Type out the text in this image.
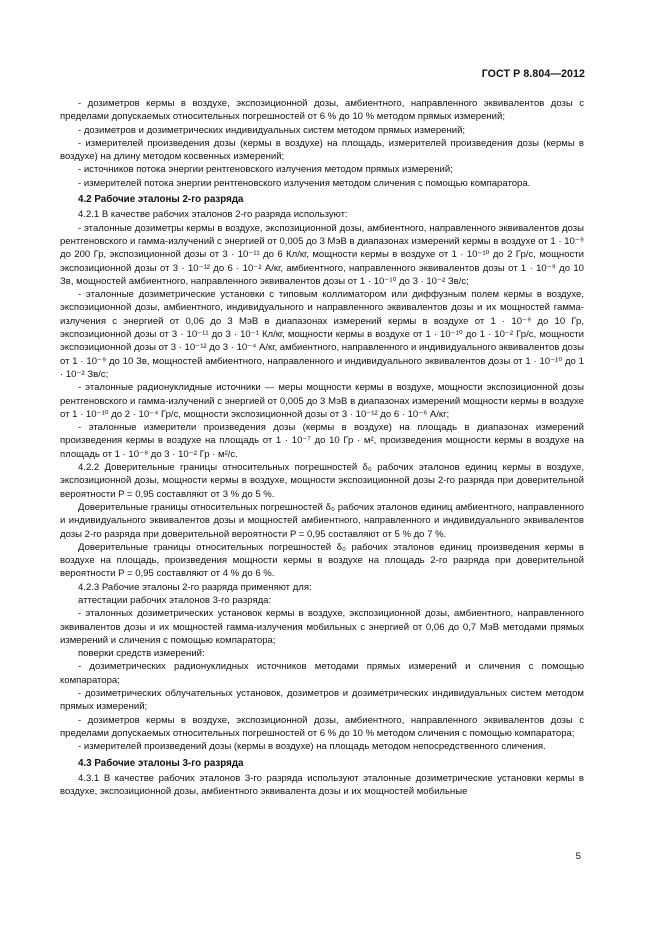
ГОСТ Р 8.804—2012

- дозиметров кермы в воздухе, экспозиционной дозы, амбиентного, направленного эквивалентов дозы с пределами допускаемых относительных погрешностей от 6 % до 10 % методом прямых измерений;

- дозиметров и дозиметрических индивидуальных систем методом прямых измерений;

- измерителей произведения дозы (кермы в воздухе) на площадь, измерителей произведения дозы (кермы в воздухе) на длину методом косвенных измерений;

- источников потока энергии рентгеновского излучения методом прямых измерений;

- измерителей потока энергии рентгеновского излучения методом сличения с помощью компаратора.

4.2 Рабочие эталоны 2-го разряда

4.2.1 В качестве рабочих эталонов 2-го разряда используют:

- эталонные дозиметры кермы в воздухе, экспозиционной дозы, амбиентного, направленного эквивалентов дозы рентгеновского и гамма-излучений с энергией от 0,005 до 3 МэВ в диапазонах измерений кермы в воздухе от 1 · 10⁻⁹ до 200 Гр, экспозиционной дозы от 3 · 10⁻¹¹ до 6 Кл/кг, мощности кермы в воздухе от 1 · 10⁻¹⁰ до 2 Гр/с, мощности экспозиционной дозы от 3 · 10⁻¹² до 6 · 10⁻² А/кг, амбиентного, направленного эквивалентов дозы от 1 · 10⁻⁹ до 10 Зв, мощностей амбиентного, направленного эквивалентов дозы от 1 · 10⁻¹⁰ до 3 · 10⁻² Зв/с;

- эталонные дозиметрические установки с типовым коллиматором или диффузным полем кермы в воздухе, экспозиционной дозы, амбиентного, индивидуального и направленного эквивалентов дозы и их мощностей гамма-излучения с энергией от 0,06 до 3 МэВ в диапазонах измерений кермы в воздухе от 1 · 10⁻⁹ до 10 Гр, экспозиционной дозы от 3 · 10⁻¹¹ до 3 · 10⁻¹ Кл/кг, мощности кермы в воздухе от 1 · 10⁻¹⁰ до 1 · 10⁻² Гр/с, мощности экспозиционной дозы от 3 · 10⁻¹² до 3 · 10⁻⁴ А/кг, амбиентного, направленного и индивидуального эквивалентов дозы от 1 · 10⁻⁹ до 10 Зв, мощностей амбиентного, направленного и индивидуального эквивалентов дозы от 1 · 10⁻¹⁰ до 1 · 10⁻² Зв/с;

- эталонные радионуклидные источники — меры мощности кермы в воздухе, мощности экспозиционной дозы рентгеновского и гамма-излучений с энергией от 0,005 до 3 МэВ в диапазонах измерений мощности кермы в воздухе от 1 · 10⁻¹⁰ до 2 · 10⁻⁴ Гр/с, мощности экспозиционной дозы от 3 · 10⁻¹² до 6 · 10⁻⁶ А/кг;

- эталонные измерители произведения дозы (кермы в воздухе) на площадь в диапазонах измерений произведения кермы в воздухе на площадь от 1 · 10⁻⁷ до 10 Гр · м², произведения мощности кермы в воздухе на площадь от 1 · 10⁻⁸ до 3 · 10⁻² Гр · м²/с.

4.2.2 Доверительные границы относительных погрешностей δ₀ рабочих эталонов единиц кермы в воздухе, экспозиционной дозы, мощности кермы в воздухе, мощности экспозиционной дозы 2-го разряда при доверительной вероятности P = 0,95 составляют от 3 % до 5 %.

Доверительные границы относительных погрешностей δ₀ рабочих эталонов единиц амбиентного, направленного и индивидуального эквивалентов дозы и мощностей амбиентного, направленного и индивидуального эквивалентов дозы 2-го разряда при доверительной вероятности P = 0,95 составляют от 5 % до 7 %.

Доверительные границы относительных погрешностей δ₀ рабочих эталонов единиц произведения кермы в воздухе на площадь, произведения мощности кермы в воздухе на площадь 2-го разряда при доверительной вероятности P = 0,95 составляют от 4 % до 6 %.

4.2.3 Рабочие эталоны 2-го разряда применяют для:

аттестации рабочих эталонов 3-го разряда:

- эталонных дозиметрических установок кермы в воздухе, экспозиционной дозы, амбиентного, направленного эквивалентов дозы и их мощностей гамма-излучения мобильных с энергией от 0,06 до 0,7 МэВ методами прямых измерений и сличения с помощью компаратора;

поверки средств измерений:

- дозиметрических радионуклидных источников методами прямых измерений и сличения с помощью компаратора;

- дозиметрических облучательных установок, дозиметров и дозиметрических индивидуальных систем методом прямых измерений;

- дозиметров кермы в воздухе, экспозиционной дозы, амбиентного, направленного эквивалентов дозы с пределами допускаемых относительных погрешностей от 6 % до 10 % методом сличения с помощью компаратора;

- измерителей произведений дозы (кермы в воздухе) на площадь методом непосредственного сличения.

4.3 Рабочие эталоны 3-го разряда

4.3.1 В качестве рабочих эталонов 3-го разряда используют эталонные дозиметрические установки кермы в воздухе, экспозиционной дозы, амбиентного эквивалента дозы и их мощностей мобильные

5
